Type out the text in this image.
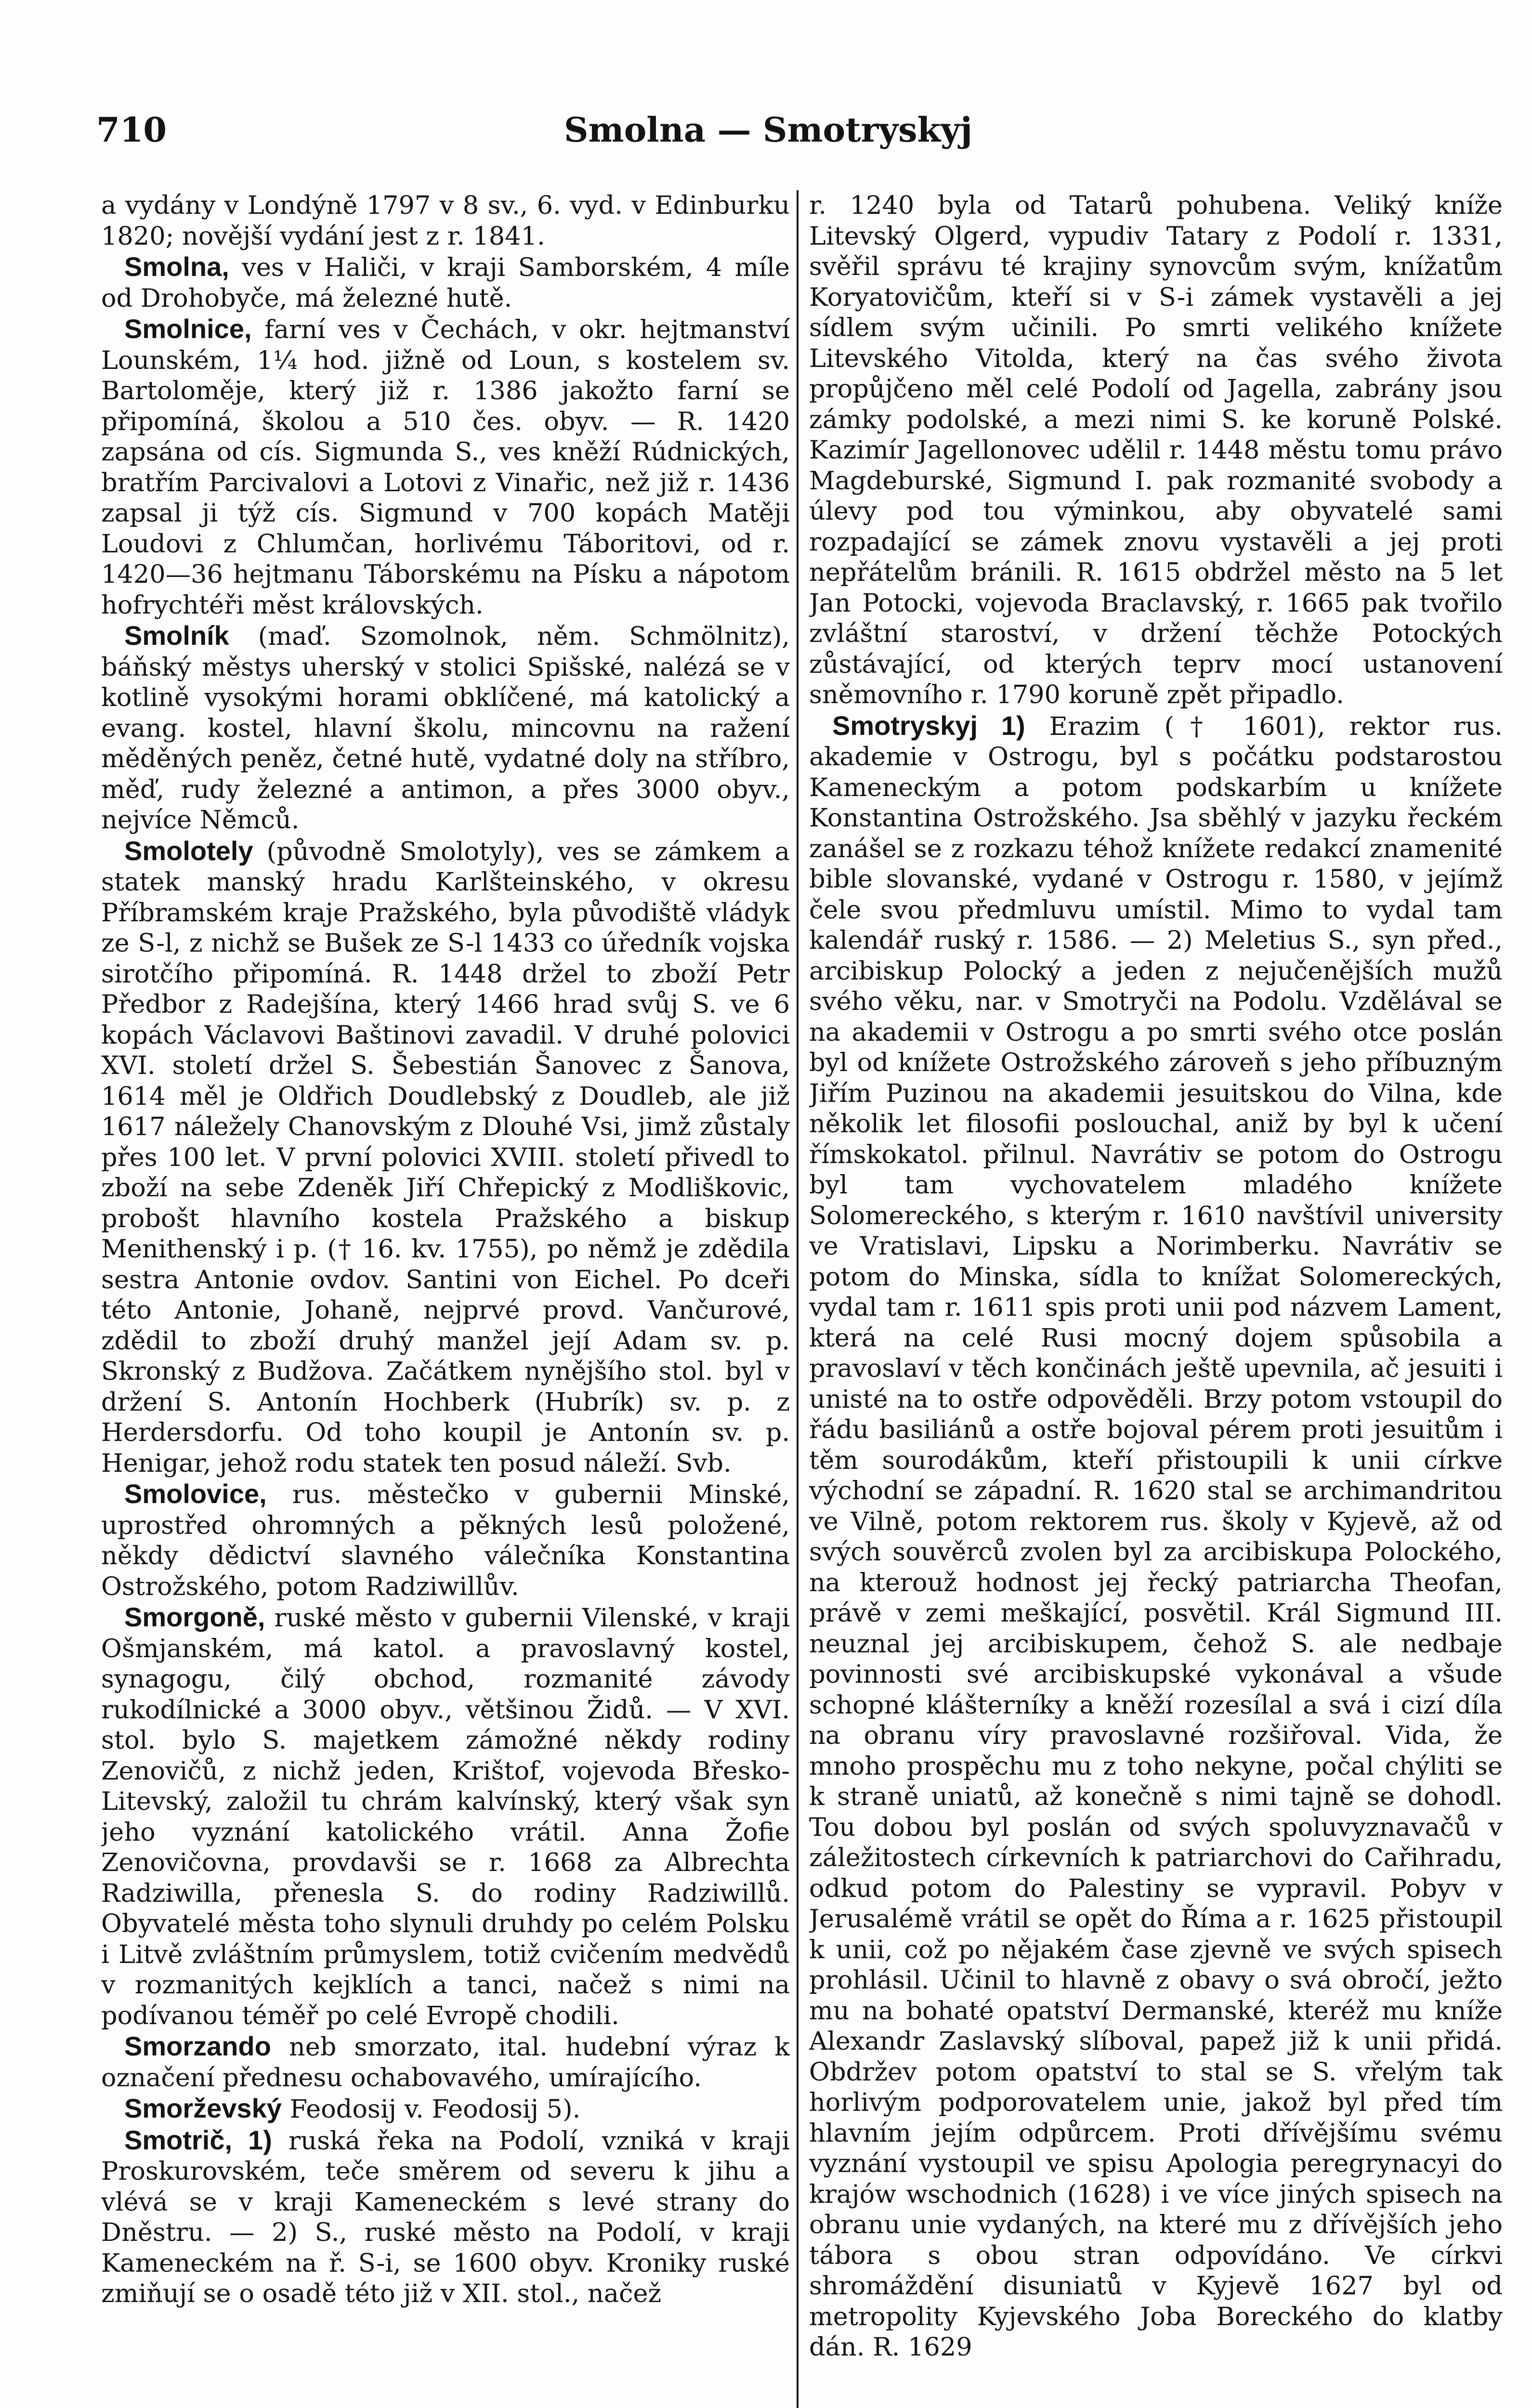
710	Smolna — Smotryskyj

a vydány v Londýně 1797 v 8 sv., 6. vyd. v Edinburku 1820; novější vydání jest z r. 1841.

Smolna, ves v Haliči, v kraji Samborském, 4 míle od Drohobyče, má železné hutě.

Smolnice, farní ves v Čechách, v okr. hejtmanství Lounském, 1¼ hod. jižně od Loun, s kostelem sv. Bartoloměje, který již r. 1386 jakožto farní se připomíná, školou a 510 čes. obyv. — R. 1420 zapsána od cís. Sigmunda S., ves kněží Rúdnických, bratřím Parcivalovi a Lotovi z Vinařic, než již r. 1436 zapsal ji týž cís. Sigmund v 700 kopách Matěji Loudovi z Chlumčan, horlivému Táboritovi, od r. 1420—36 hejtmanu Táborskému na Písku a nápotom hofrychtéři měst královských.

Smolník (maď. Szomolnok, něm. Schmölnitz), báňský městys uherský v stolici Spišské, nalézá se v kotlině vysokými horami obklíčené, má katolický a evang. kostel, hlavní školu, mincovnu na ražení měděných peněz, četné hutě, vydatné doly na stříbro, měď, rudy železné a antimon, a přes 3000 obyv., nejvíce Němců.

Smolotely (původně Smolotyly), ves se zámkem a statek manský hradu Karlšteinského, v okresu Příbramském kraje Pražského, byla původiště vládyk ze S-l, z nichž se Bušek ze S-l 1433 co úředník vojska sirotčího připomíná. R. 1448 držel to zboží Petr Předbor z Radejšína, který 1466 hrad svůj S. ve 6 kopách Václavovi Baštinovi zavadil. V druhé polovici XVI. století držel S. Šebestián Šanovec z Šanova, 1614 měl je Oldřich Doudlebský z Doudleb, ale již 1617 náležely Chanovským z Dlouhé Vsi, jimž zůstaly přes 100 let. V první polovici XVIII. století přivedl to zboží na sebe Zdeněk Jiří Chřepický z Modliškovic, probošt hlavního kostela Pražského a biskup Menithenský i p. († 16. kv. 1755), po němž je zdědila sestra Antonie ovdov. Santini von Eichel. Po dceři této Antonie, Johaně, nejprvé provd. Vančurové, zdědil to zboží druhý manžel její Adam sv. p. Skronský z Budžova. Začátkem nynějšího stol. byl v držení S. Antonín Hochberk (Hubrík) sv. p. z Herdersdorfu. Od toho koupil je Antonín sv. p. Henigar, jehož rodu statek ten posud náleží. Svb.

Smolovice, rus. městečko v gubernii Minské, uprostřed ohromných a pěkných lesů položené, někdy dědictví slavného válečníka Konstantina Ostrožského, potom Radziwillův.

Smorgoně, ruské město v gubernii Vilenské, v kraji Ošmjanském, má katol. a pravoslavný kostel, synagogu, čilý obchod, rozmanité závody rukodílnické a 3000 obyv., většinou Židů. — V XVI. stol. bylo S. majetkem zámožné někdy rodiny Zenovičů, z nichž jeden, Krištof, vojevoda Břesko-Litevský, založil tu chrám kalvínský, který však syn jeho vyznání katolického vrátil. Anna Žofie Zenovičovna, provdavši se r. 1668 za Albrechta Radziwilla, přenesla S. do rodiny Radziwillů. Obyvatelé města toho slynuli druhdy po celém Polsku i Litvě zvláštním průmyslem, totiž cvičením medvědů v rozmanitých kejklích a tanci, načež s nimi na podívanou téměř po celé Evropě chodili.

Smorzando neb smorzato, ital. hudební výraz k označení přednesu ochabovavého, umírajícího.

Smorževský Feodosij v. Feodosij 5).

Smotrič, 1) ruská řeka na Podolí, vzniká v kraji Proskurovském, teče směrem od severu k jihu a vlévá se v kraji Kameneckém s levé strany do Dněstru. — 2) S., ruské město na Podolí, v kraji Kameneckém na ř. S-i, se 1600 obyv. Kroniky ruské zmiňují se o osadě této již v XII. stol., načež

r. 1240 byla od Tatarů pohubena. Veliký kníže Litevský Olgerd, vypudiv Tatary z Podolí r. 1331, svěřil správu té krajiny synovcům svým, knížatům Koryatovičům, kteří si v S-i zámek vystavěli a jej sídlem svým učinili. Po smrti velikého knížete Litevského Vitolda, který na čas svého života propůjčeno měl celé Podolí od Jagella, zabrány jsou zámky podolské, a mezi nimi S. ke koruně Polské. Kazimír Jagellonovec udělil r. 1448 městu tomu právo Magdeburské, Sigmund I. pak rozmanité svobody a úlevy pod tou výminkou, aby obyvatelé sami rozpadající se zámek znovu vystavěli a jej proti nepřátelům bránili. R. 1615 obdržel město na 5 let Jan Potocki, vojevoda Braclavský, r. 1665 pak tvořilo zvláštní staroství, v držení těchže Potockých zůstávající, od kterých teprv mocí ustanovení sněmovního r. 1790 koruně zpět připadlo.

Smotryskyj 1) Erazim († 1601), rektor rus. akademie v Ostrogu, byl s počátku podstarostou Kameneckým a potom podskarbím u knížete Konstantina Ostrožského. Jsa sběhlý v jazyku řeckém zanášel se z rozkazu téhož knížete redakcí znamenité bible slovanské, vydané v Ostrogu r. 1580, v jejímž čele svou předmluvu umístil. Mimo to vydal tam kalendář ruský r. 1586. — 2) Meletius S., syn před., arcibiskup Polocký a jeden z nejučenějších mužů svého věku, nar. v Smotryči na Podolu. Vzdělával se na akademii v Ostrogu a po smrti svého otce poslán byl od knížete Ostrožského zároveň s jeho příbuzným Jiřím Puzinou na akademii jesuitskou do Vilna, kde několik let filosofii poslouchal, aniž by byl k učení římskokatol. přilnul. Navrátiv se potom do Ostrogu byl tam vychovatelem mladého knížete Solomereckého, s kterým r. 1610 navštívil university ve Vratislavi, Lipsku a Norimberku. Navrátiv se potom do Minska, sídla to knížat Solomereckých, vydal tam r. 1611 spis proti unii pod názvem Lament, která na celé Rusi mocný dojem spůsobila a pravoslaví v těch končinách ještě upevnila, ač jesuiti i unisté na to ostře odpověděli. Brzy potom vstoupil do řádu basiliánů a ostře bojoval pérem proti jesuitům i těm sourodákům, kteří přistoupili k unii církve východní se západní. R. 1620 stal se archimandritou ve Vilně, potom rektorem rus. školy v Kyjevě, až od svých souvěrců zvolen byl za arcibiskupa Polockého, na kterouž hodnost jej řecký patriarcha Theofan, právě v zemi meškající, posvětil. Král Sigmund III. neuznal jej arcibiskupem, čehož S. ale nedbaje povinnosti své arcibiskupské vykonával a všude schopné klášterníky a kněží rozesílal a svá i cizí díla na obranu víry pravoslavné rozšiřoval. Vida, že mnoho prospěchu mu z toho nekyne, počal chýliti se k straně uniatů, až konečně s nimi tajně se dohodl. Tou dobou byl poslán od svých spoluvyznavačů v záležitostech církevních k patriarchovi do Cařihradu, odkud potom do Palestiny se vypravil. Pobyv v Jerusalémě vrátil se opět do Říma a r. 1625 přistoupil k unii, což po nějakém čase zjevně ve svých spisech prohlásil. Učinil to hlavně z obavy o svá obročí, ježto mu na bohaté opatství Dermanské, kteréž mu kníže Alexandr Zaslavský slíboval, papež již k unii přidá. Obdržev potom opatství to stal se S. vřelým tak horlivým podporovatelem unie, jakož byl před tím hlavním jejím odpůrcem. Proti dřívějšímu svému vyznání vystoupil ve spisu Apologia peregrynacyi do krajów wschodnich (1628) i ve více jiných spisech na obranu unie vydaných, na které mu z dřívějších jeho tábora s obou stran odpovídáno. Ve církvi shromáždění disuniatů v Kyjevě 1627 byl od metropolity Kyjevského Joba Boreckého do klatby dán. R. 1629
